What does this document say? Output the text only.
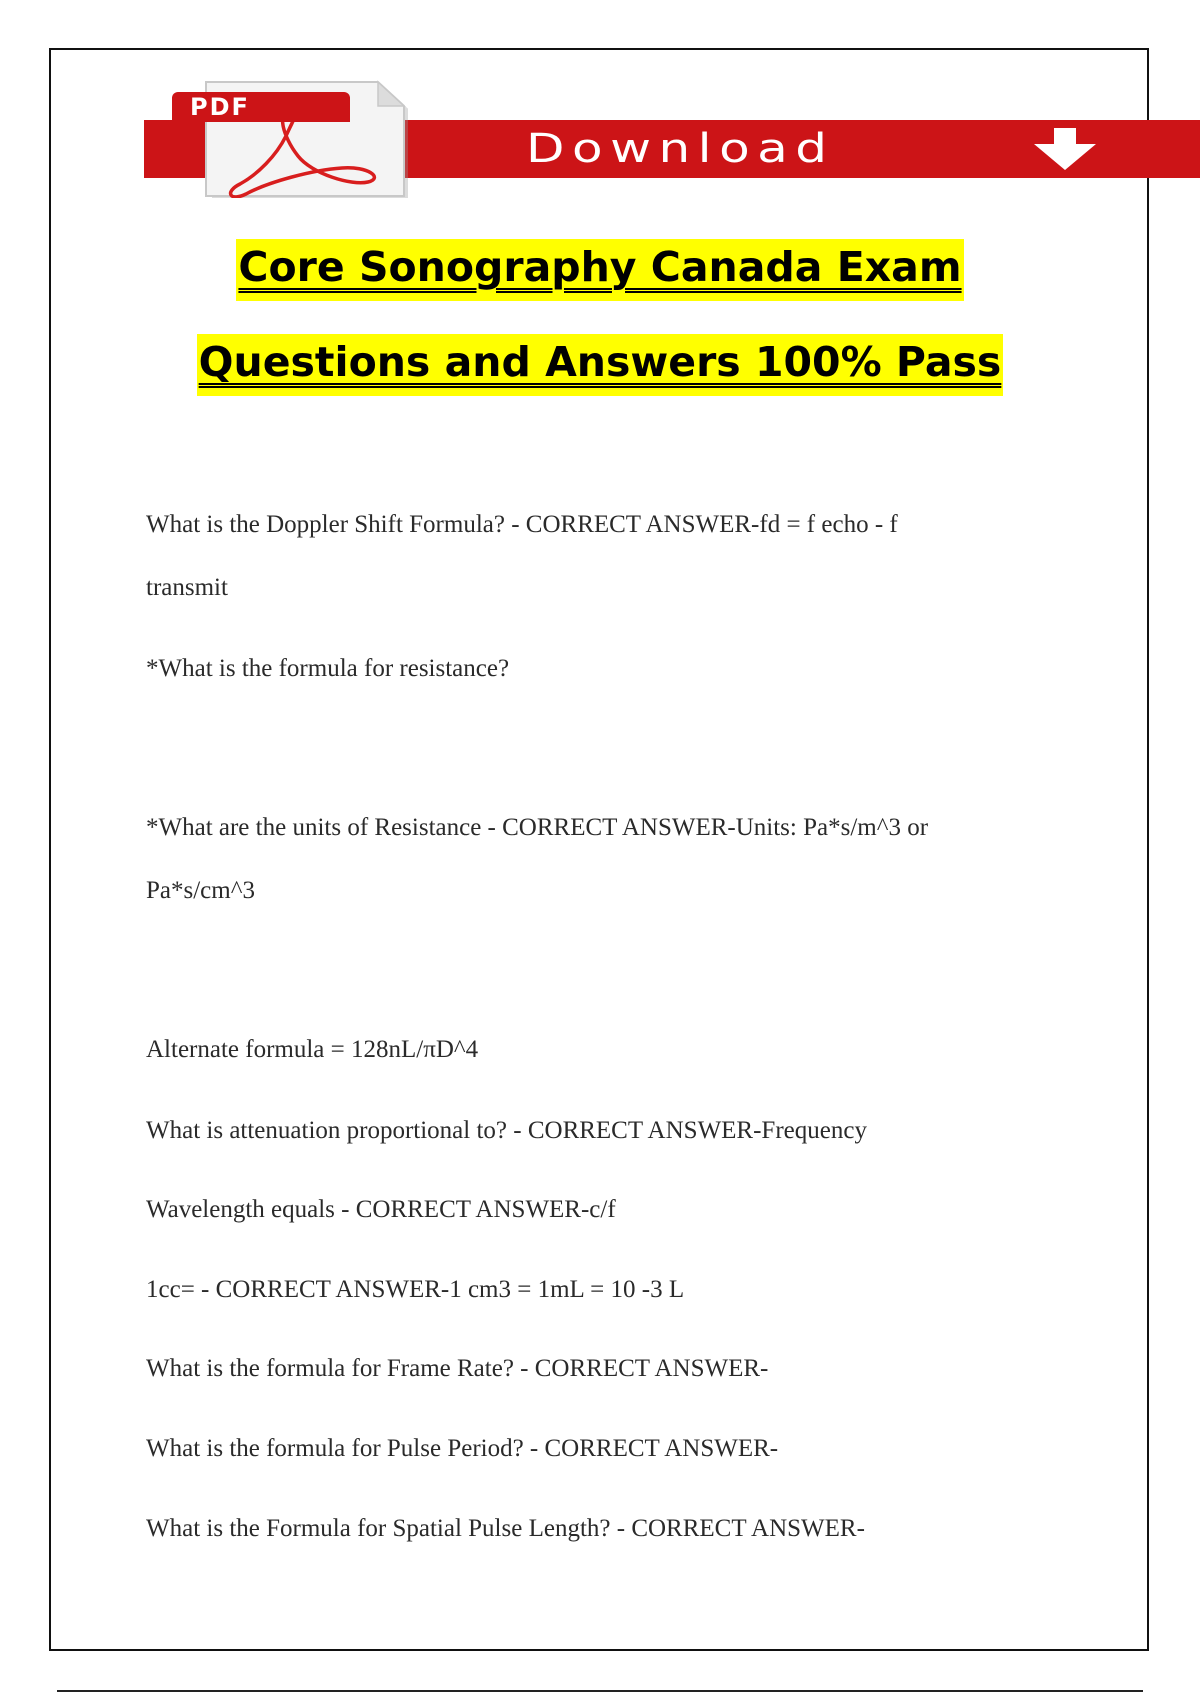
PDF
Download
Core Sonography Canada Exam
Questions and Answers 100% Pass

What is the Doppler Shift Formula? - CORRECT ANSWER-fd = f echo - f

transmit

*What is the formula for resistance?

*What are the units of Resistance - CORRECT ANSWER-Units: Pa*s/m^3 or

Pa*s/cm^3

Alternate formula = 128nL/πD^4

What is attenuation proportional to? - CORRECT ANSWER-Frequency

Wavelength equals - CORRECT ANSWER-c/f

1cc= - CORRECT ANSWER-1 cm3 = 1mL = 10 -3 L

What is the formula for Frame Rate? - CORRECT ANSWER-

What is the formula for Pulse Period? - CORRECT ANSWER-

What is the Formula for Spatial Pulse Length? - CORRECT ANSWER-
